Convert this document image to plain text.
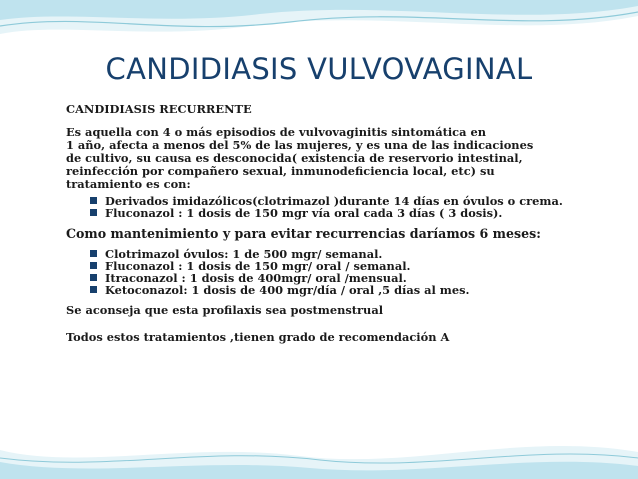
CANDIDIASIS VULVOVAGINAL

CANDIDIASIS RECURRENTE

Es aquella con 4 o más episodios de vulvovaginitis sintomática en
1 año, afecta a menos del 5% de las mujeres, y es una de las indicaciones
de cultivo, su causa es desconocida( existencia de reservorio intestinal,
reinfección por compañero sexual, inmunodeficiencia local, etc) su
tratamiento es con:

Derivados imidazólicos(clotrimazol )durante 14 días en óvulos o crema.
Fluconazol : 1 dosis de 150 mgr vía oral cada 3 días ( 3 dosis).

Como mantenimiento y para evitar recurrencias daríamos 6 meses:

Clotrimazol óvulos: 1 de 500 mgr/ semanal.
Fluconazol : 1 dosis de 150 mgr/ oral / semanal.
Itraconazol : 1 dosis de 400mgr/ oral /mensual.
Ketoconazol: 1 dosis de 400 mgr/día / oral ,5 días al mes.

Se aconseja que esta profilaxis sea postmenstrual

Todos estos tratamientos ,tienen grado de recomendación A
